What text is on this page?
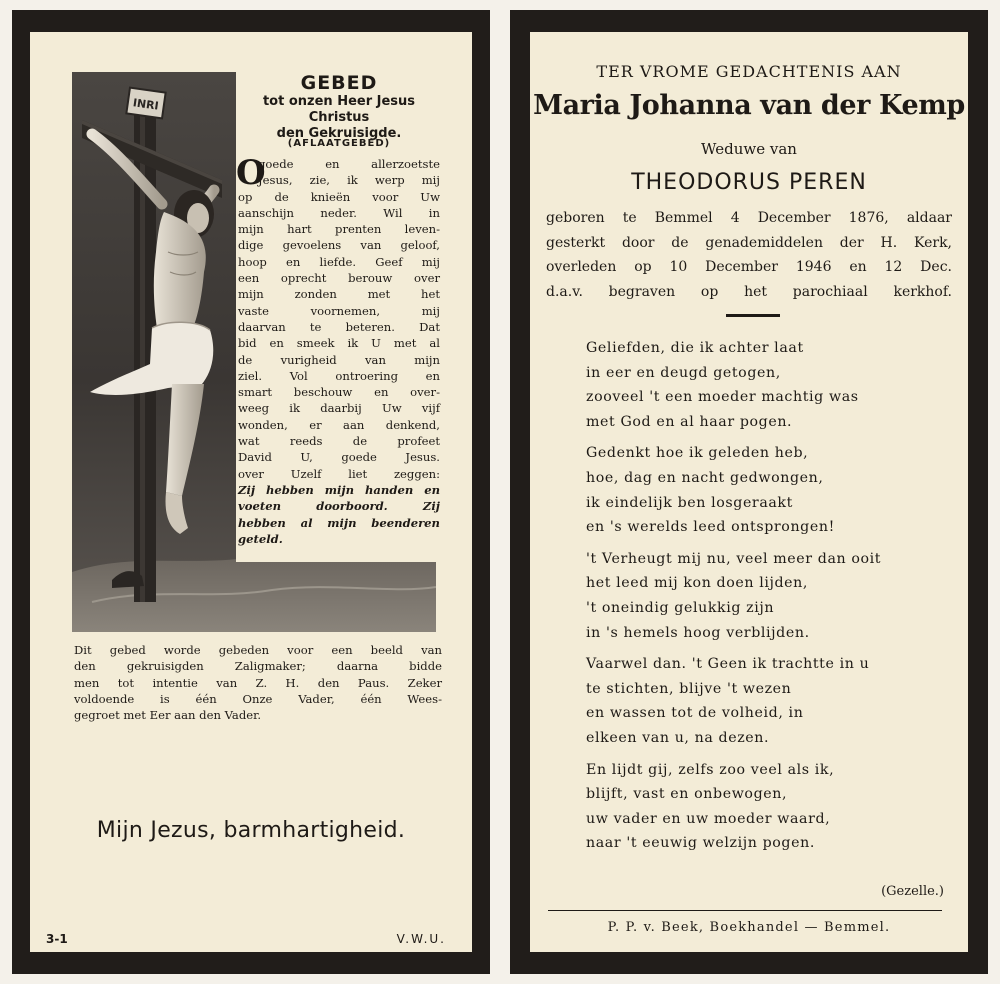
INRI
GEBED
tot onzen Heer Jesus Christus
den Gekruisigde.
(AFLAATGEBED)
O
goede en allerzoetste
Jesus, zie, ik werp mij
op de knieën voor Uw
aanschijn neder. Wil in
mijn hart prenten leven-
dige gevoelens van geloof,
hoop en liefde. Geef mij
een oprecht berouw over
mijn zonden met het
vaste voornemen, mij
daarvan te beteren. Dat
bid en smeek ik U met al
de vurigheid van mijn
ziel. Vol ontroering en
smart beschouw en over-
weeg ik daarbij Uw vijf
wonden, er aan denkend,
wat reeds de profeet
David U, goede Jesus.
over Uzelf liet zeggen:
Zij hebben mijn handen en
voeten doorboord. Zij
hebben al mijn beenderen
geteld.
Dit gebed worde gebeden voor een beeld van
den gekruisigden Zaligmaker; daarna bidde
men tot intentie van Z. H. den Paus. Zeker
voldoende is één Onze Vader, één Wees-
gegroet met Eer aan den Vader.
Mijn Jezus, barmhartigheid.
3-1	V.W.U.
TER VROME GEDACHTENIS AAN
Maria Johanna van der Kemp
Weduwe van
THEODORUS PEREN
geboren te Bemmel 4 December 1876, aldaar
gesterkt door de genademiddelen der H. Kerk,
overleden op 10 December 1946 en 12 Dec.
d.a.v. begraven op het parochiaal kerkhof.
Geliefden, die ik achter laat
in eer en deugd getogen,
zooveel 't een moeder machtig was
met God en al haar pogen.
Gedenkt hoe ik geleden heb,
hoe, dag en nacht gedwongen,
ik eindelijk ben losgeraakt
en 's werelds leed ontsprongen!
't Verheugt mij nu, veel meer dan ooit
het leed mij kon doen lijden,
't oneindig gelukkig zijn
in 's hemels hoog verblijden.
Vaarwel dan. 't Geen ik trachtte in u
te stichten, blijve 't wezen
en wassen tot de volheid, in
elkeen van u, na dezen.
En lijdt gij, zelfs zoo veel als ik,
blijft, vast en onbewogen,
uw vader en uw moeder waard,
naar 't eeuwig welzijn pogen.
(Gezelle.)
P. P. v. Beek, Boekhandel — Bemmel.
